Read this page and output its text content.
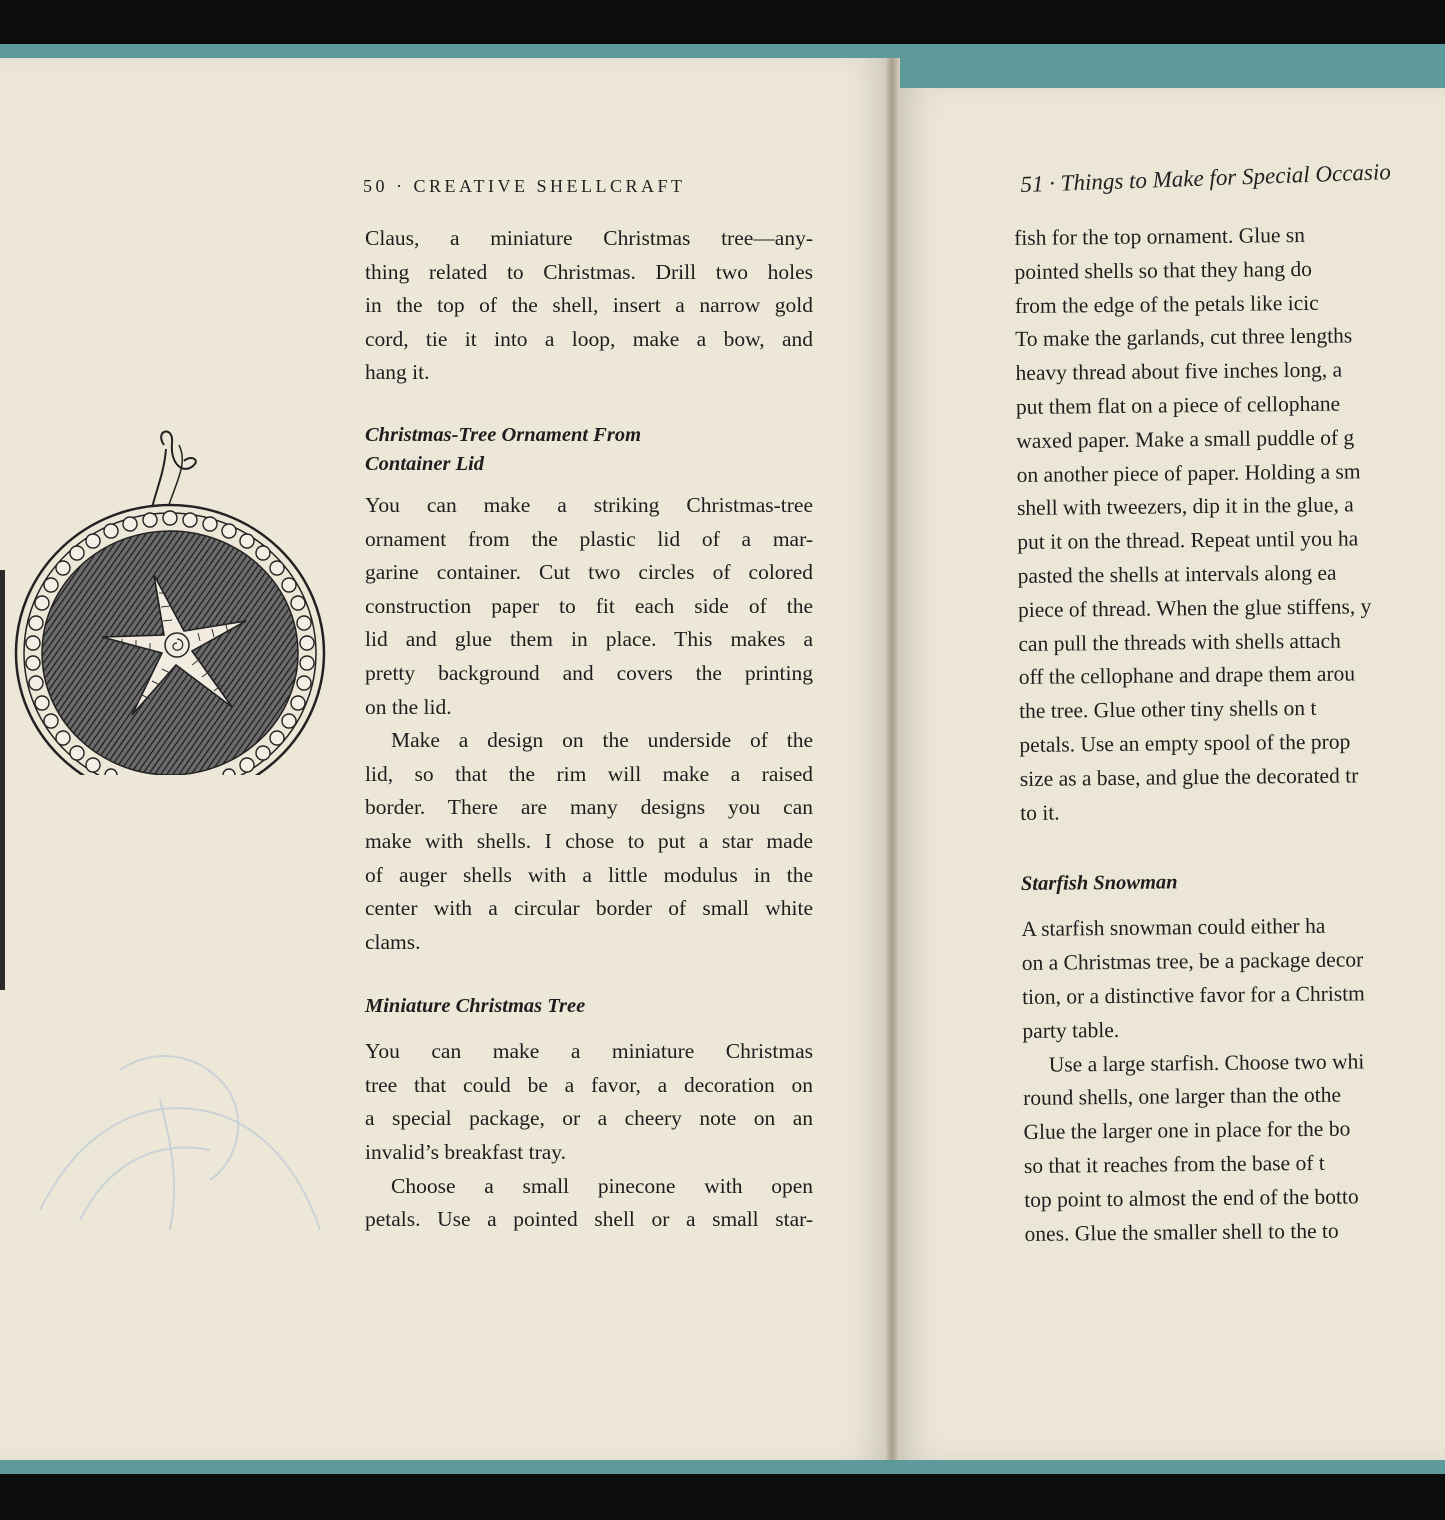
50 · CREATIVE SHELLCRAFT	51 · Things to Make for Special Occasio
Claus, a miniature Christmas tree—any-
thing related to Christmas. Drill two holes
in the top of the shell, insert a narrow gold
cord, tie it into a loop, make a bow, and
hang it.
Christmas-Tree Ornament From
Container Lid
You can make a striking Christmas-tree
ornament from the plastic lid of a mar-
garine container. Cut two circles of colored
construction paper to fit each side of the
lid and glue them in place. This makes a
pretty background and covers the printing
on the lid.
Make a design on the underside of the
lid, so that the rim will make a raised
border. There are many designs you can
make with shells. I chose to put a star made
of auger shells with a little modulus in the
center with a circular border of small white
clams.
Miniature Christmas Tree
You can make a miniature Christmas
tree that could be a favor, a decoration on
a special package, or a cheery note on an
invalid’s breakfast tray.
Choose a small pinecone with open
petals. Use a pointed shell or a small star-
fish for the top ornament. Glue sn
pointed shells so that they hang do
from the edge of the petals like icic
To make the garlands, cut three lengths
heavy thread about five inches long, a
put them flat on a piece of cellophane
waxed paper. Make a small puddle of g
on another piece of paper. Holding a sm
shell with tweezers, dip it in the glue, a
put it on the thread. Repeat until you ha
pasted the shells at intervals along ea
piece of thread. When the glue stiffens, y
can pull the threads with shells attach
off the cellophane and drape them arou
the tree. Glue other tiny shells on t
petals. Use an empty spool of the prop
size as a base, and glue the decorated tr
to it.
Starfish Snowman
A starfish snowman could either ha
on a Christmas tree, be a package decor
tion, or a distinctive favor for a Christm
party table.
Use a large starfish. Choose two whi
round shells, one larger than the othe
Glue the larger one in place for the bo
so that it reaches from the base of t
top point to almost the end of the botto
ones. Glue the smaller shell to the to
